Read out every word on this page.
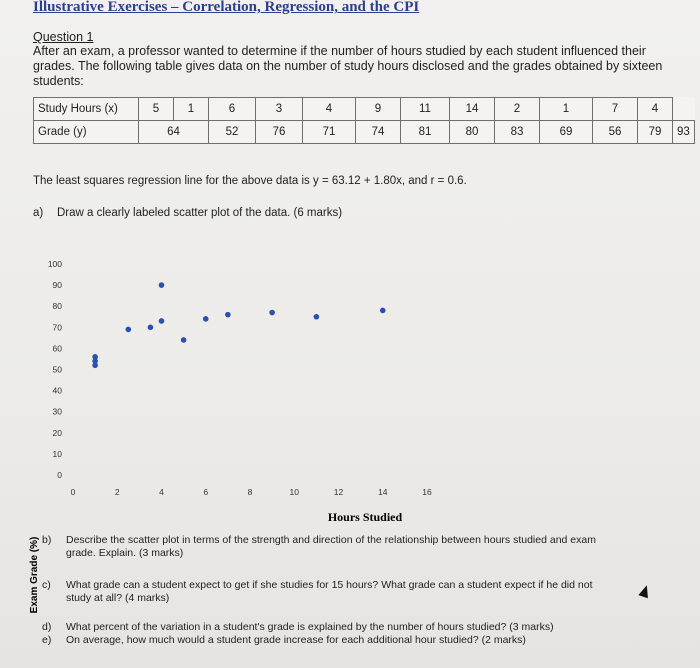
Illustrative Exercises – Correlation, Regression, and the CPI
Question 1
After an exam, a professor wanted to determine if the number of hours studied by each student influenced their grades. The following table gives data on the number of study hours disclosed and the grades obtained by sixteen students:
Study Hours (x)	5	1	6	3	4	9	11	14	2	1	7	4	
Grade (y)	64		52	76	71	74	81	80	83	69	56	79	93
The least squares regression line for the above data is y = 63.12 + 1.80x, and r = 0.6.
a) Draw a clearly labeled scatter plot of the data. (6 marks)
100
90
80
70
60
50
40
30
20
10
0
0	2	4	6	8	10	12	14	16
Exam Grade (%)
Hours Studied
b) Describe the scatter plot in terms of the strength and direction of the relationship between hours studied and exam
grade. Explain. (3 marks)
c) What grade can a student expect to get if she studies for 15 hours? What grade can a student expect if he did not
study at all? (4 marks)
d) What percent of the variation in a student's grade is explained by the number of hours studied? (3 marks)
e) On average, how much would a student grade increase for each additional hour studied? (2 marks)
